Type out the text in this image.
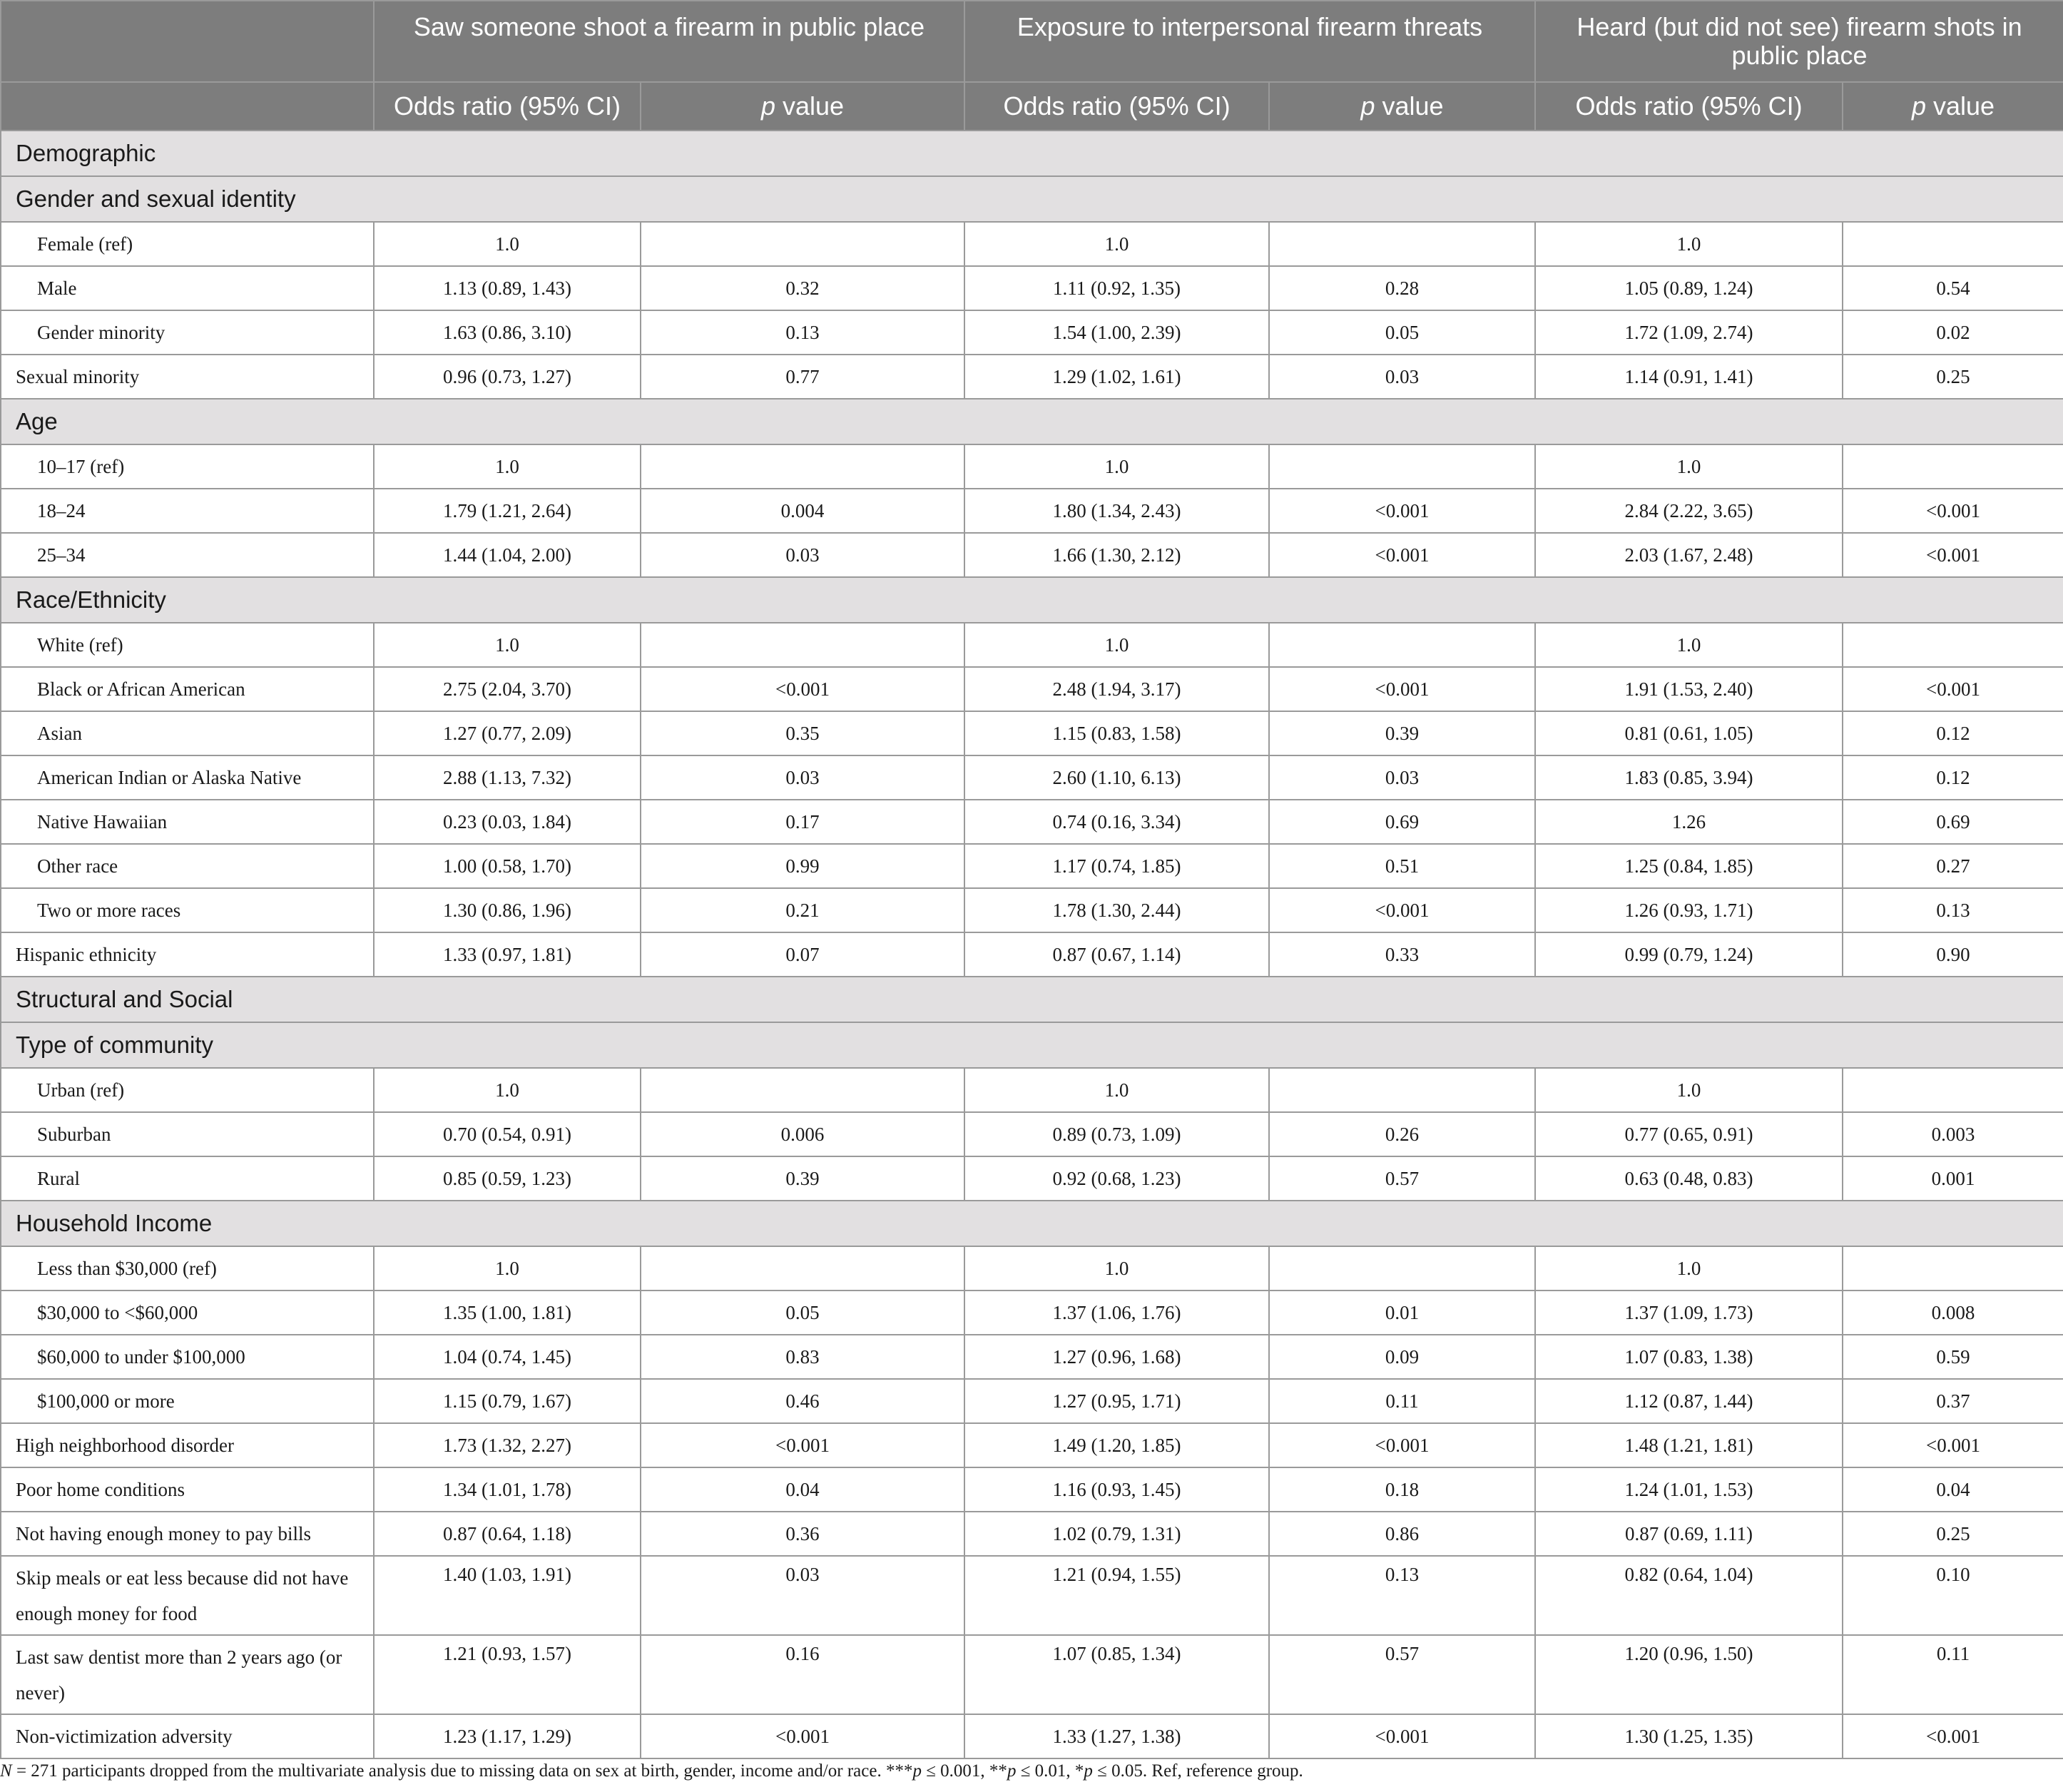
	Saw someone shoot a firearm in public place		Exposure to interpersonal firearm threats		Heard (but did not see) firearm shots in public place	
	Odds ratio (95% CI)	p value	Odds ratio (95% CI)	p value	Odds ratio (95% CI)	p value
Demographic						
Gender and sexual identity						
Female (ref)	1.0		1.0		1.0	
Male	1.13 (0.89, 1.43)	0.32	1.11 (0.92, 1.35)	0.28	1.05 (0.89, 1.24)	0.54
Gender minority	1.63 (0.86, 3.10)	0.13	1.54 (1.00, 2.39)	0.05	1.72 (1.09, 2.74)	0.02
Sexual minority	0.96 (0.73, 1.27)	0.77	1.29 (1.02, 1.61)	0.03	1.14 (0.91, 1.41)	0.25
Age						
10–17 (ref)	1.0		1.0		1.0	
18–24	1.79 (1.21, 2.64)	0.004	1.80 (1.34, 2.43)	<0.001	2.84 (2.22, 3.65)	<0.001
25–34	1.44 (1.04, 2.00)	0.03	1.66 (1.30, 2.12)	<0.001	2.03 (1.67, 2.48)	<0.001
Race/Ethnicity						
White (ref)	1.0		1.0		1.0	
Black or African American	2.75 (2.04, 3.70)	<0.001	2.48 (1.94, 3.17)	<0.001	1.91 (1.53, 2.40)	<0.001
Asian	1.27 (0.77, 2.09)	0.35	1.15 (0.83, 1.58)	0.39	0.81 (0.61, 1.05)	0.12
American Indian or Alaska Native	2.88 (1.13, 7.32)	0.03	2.60 (1.10, 6.13)	0.03	1.83 (0.85, 3.94)	0.12
Native Hawaiian	0.23 (0.03, 1.84)	0.17	0.74 (0.16, 3.34)	0.69	1.26	0.69
Other race	1.00 (0.58, 1.70)	0.99	1.17 (0.74, 1.85)	0.51	1.25 (0.84, 1.85)	0.27
Two or more races	1.30 (0.86, 1.96)	0.21	1.78 (1.30, 2.44)	<0.001	1.26 (0.93, 1.71)	0.13
Hispanic ethnicity	1.33 (0.97, 1.81)	0.07	0.87 (0.67, 1.14)	0.33	0.99 (0.79, 1.24)	0.90
Structural and Social						
Type of community						
Urban (ref)	1.0		1.0		1.0	
Suburban	0.70 (0.54, 0.91)	0.006	0.89 (0.73, 1.09)	0.26	0.77 (0.65, 0.91)	0.003
Rural	0.85 (0.59, 1.23)	0.39	0.92 (0.68, 1.23)	0.57	0.63 (0.48, 0.83)	0.001
Household Income						
Less than $30,000 (ref)	1.0		1.0		1.0	
$30,000 to <$60,000	1.35 (1.00, 1.81)	0.05	1.37 (1.06, 1.76)	0.01	1.37 (1.09, 1.73)	0.008
$60,000 to under $100,000	1.04 (0.74, 1.45)	0.83	1.27 (0.96, 1.68)	0.09	1.07 (0.83, 1.38)	0.59
$100,000 or more	1.15 (0.79, 1.67)	0.46	1.27 (0.95, 1.71)	0.11	1.12 (0.87, 1.44)	0.37
High neighborhood disorder	1.73 (1.32, 2.27)	<0.001	1.49 (1.20, 1.85)	<0.001	1.48 (1.21, 1.81)	<0.001
Poor home conditions	1.34 (1.01, 1.78)	0.04	1.16 (0.93, 1.45)	0.18	1.24 (1.01, 1.53)	0.04
Not having enough money to pay bills	0.87 (0.64, 1.18)	0.36	1.02 (0.79, 1.31)	0.86	0.87 (0.69, 1.11)	0.25
Skip meals or eat less because did not have enough money for food	1.40 (1.03, 1.91)	0.03	1.21 (0.94, 1.55)	0.13	0.82 (0.64, 1.04)	0.10
Last saw dentist more than 2 years ago (or never)	1.21 (0.93, 1.57)	0.16	1.07 (0.85, 1.34)	0.57	1.20 (0.96, 1.50)	0.11
Non-victimization adversity	1.23 (1.17, 1.29)	<0.001	1.33 (1.27, 1.38)	<0.001	1.30 (1.25, 1.35)	<0.001
N = 271 participants dropped from the multivariate analysis due to missing data on sex at birth, gender, income and/or race. ***p ≤ 0.001, **p ≤ 0.01, *p ≤ 0.05. Ref, reference group.
